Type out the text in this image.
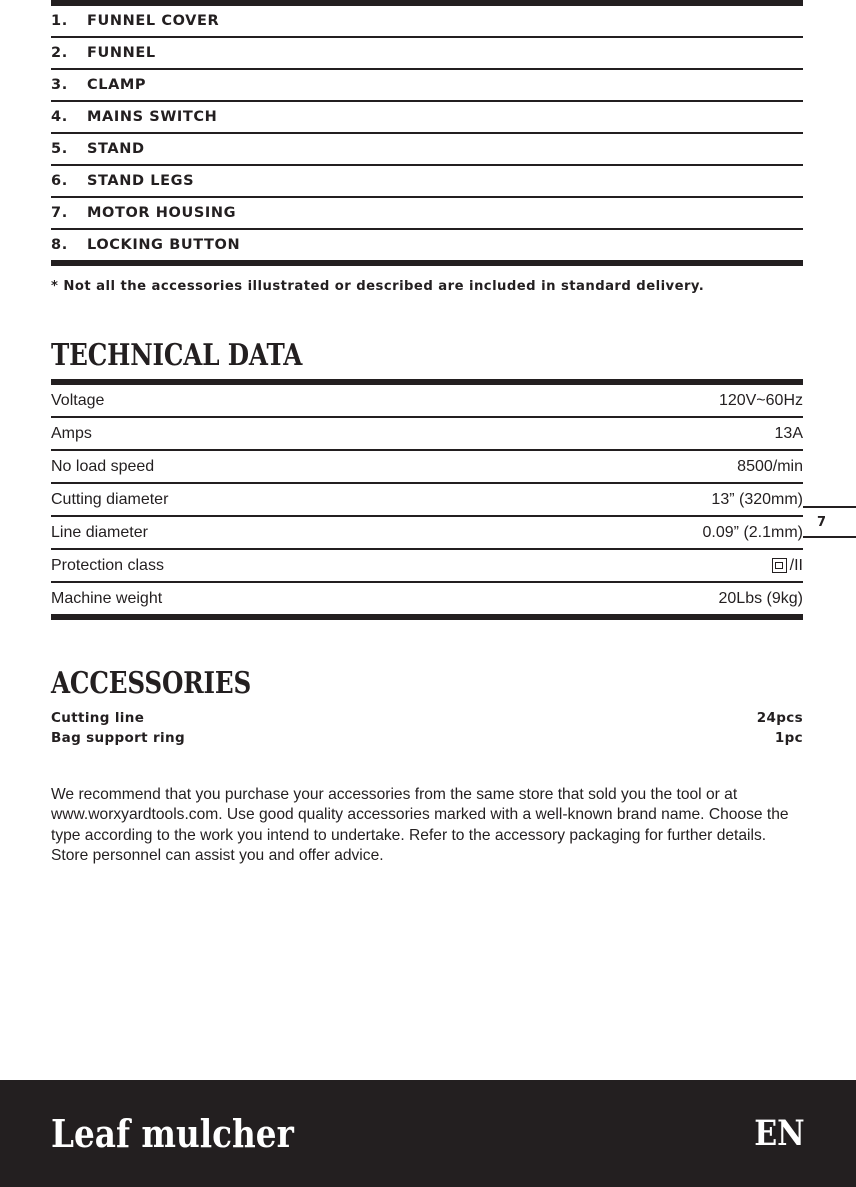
1.	FUNNEL COVER
2.	FUNNEL
3.	CLAMP
4.	MAINS SWITCH
5.	STAND
6.	STAND LEGS
7.	MOTOR HOUSING
8.	LOCKING BUTTON
* Not all the accessories illustrated or described are included in standard delivery.
TECHNICAL DATA
Voltage	120V~60Hz
Amps	13A
No load speed	8500/min
Cutting diameter	13” (320mm)
Line diameter	0.09” (2.1mm)
Protection class	/II
Machine weight	20Lbs (9kg)
7
ACCESSORIES
Cutting line	24pcs
Bag support ring	1pc

We recommend that you purchase your accessories from the same store that sold you the tool or at www.worxyardtools.com. Use good quality accessories marked with a well-known brand name. Choose the type according to the work you intend to undertake. Refer to the accessory packaging for further details. Store personnel can assist you and offer advice.

Leaf mulcher	EN
